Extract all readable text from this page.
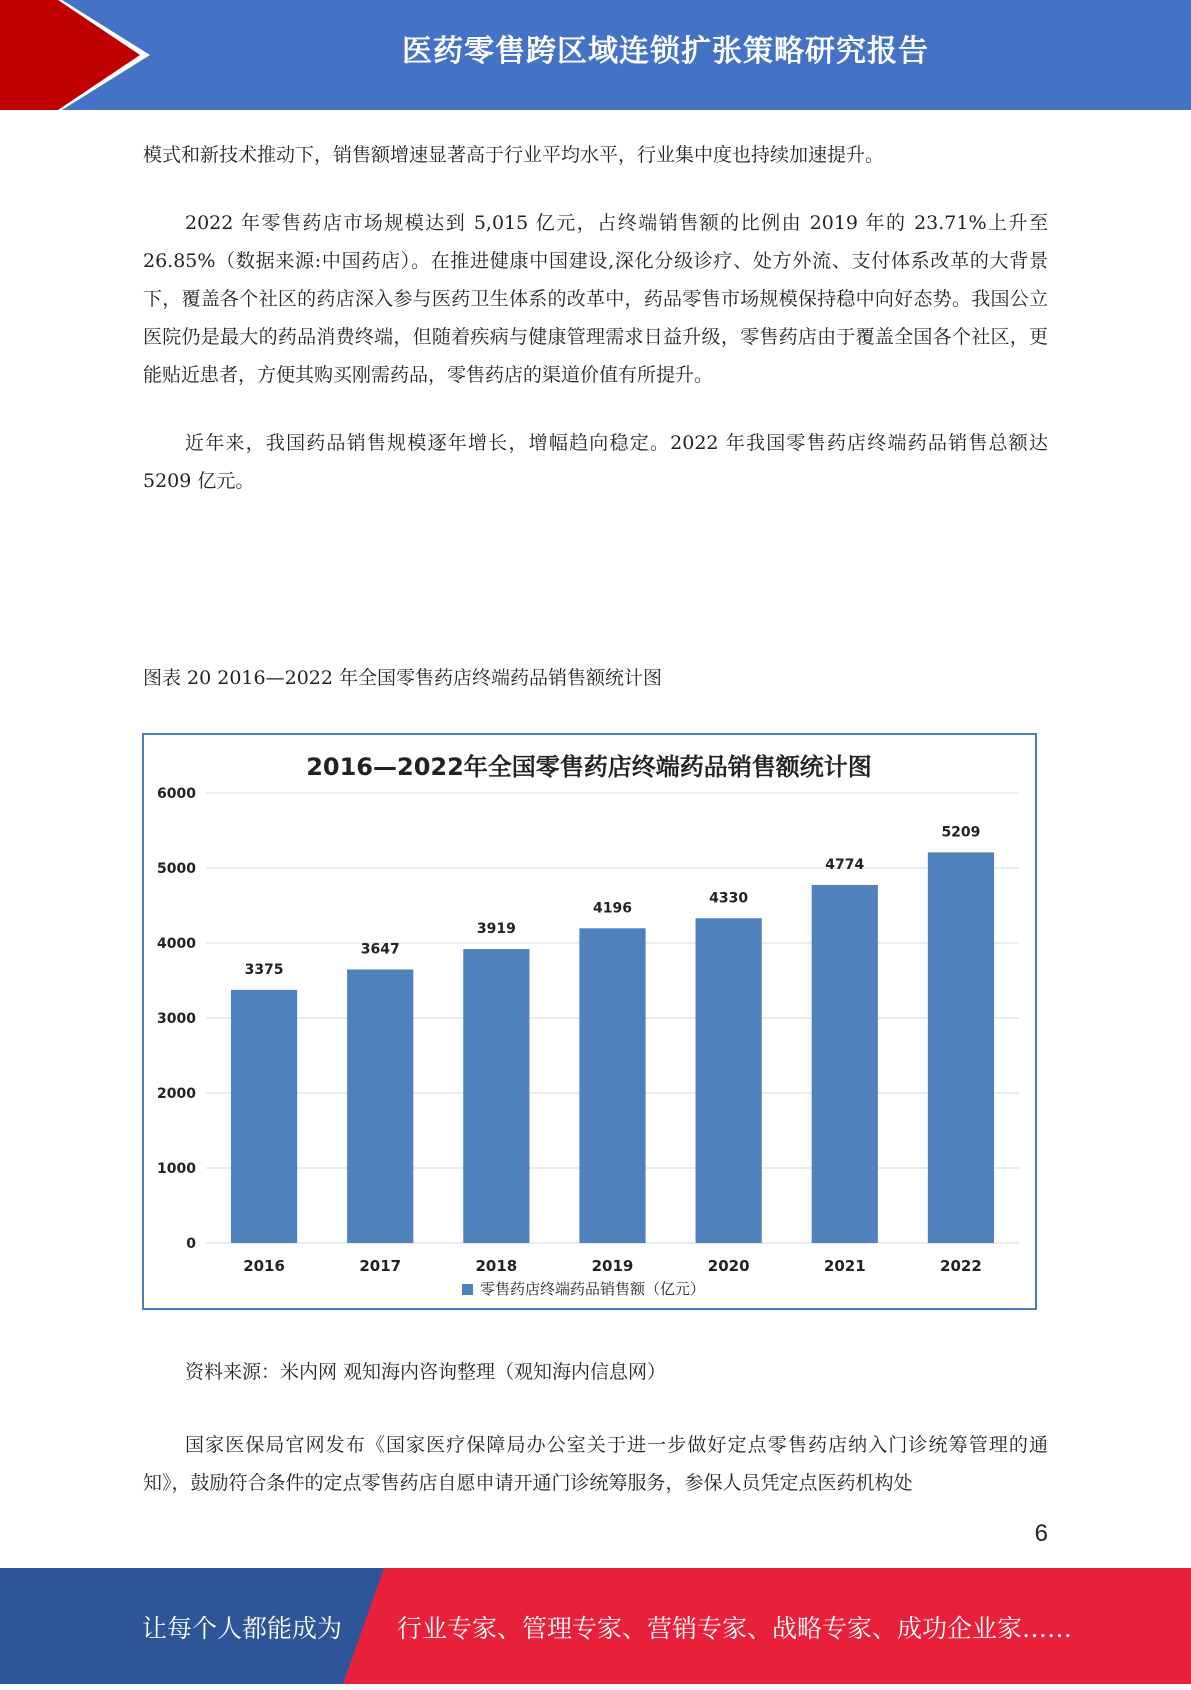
医药零售跨区域连锁扩张策略研究报告
模式和新技术推动下，销售额增速显著高于行业平均水平，行业集中度也持续加速提升。
2022 年零售药店市场规模达到 5,015 亿元，占终端销售额的比例由 2019 年的 23.71%上升至 26.85%（数据来源:中国药店）。在推进健康中国建设,深化分级诊疗、处方外流、支付体系改革的大背景下，覆盖各个社区的药店深入参与医药卫生体系的改革中，药品零售市场规模保持稳中向好态势。我国公立医院仍是最大的药品消费终端，但随着疾病与健康管理需求日益升级，零售药店由于覆盖全国各个社区，更能贴近患者，方便其购买刚需药品，零售药店的渠道价值有所提升。
近年来，我国药品销售规模逐年增长，增幅趋向稳定。2022 年我国零售药店终端药品销售总额达 5209 亿元。
图表 20 2016—2022 年全国零售药店终端药品销售额统计图
2016—2022年全国零售药店终端药品销售额统计图
0
1000
2000
3000
4000
5000
6000
3375
3647
3919
4196
4330
4774
5209
2016	2017	2018	2019	2020	2021	2022
零售药店终端药品销售额（亿元）
资料来源：米内网 观知海内咨询整理（观知海内信息网）
国家医保局官网发布《国家医疗保障局办公室关于进一步做好定点零售药店纳入门诊统筹管理的通知》，鼓励符合条件的定点零售药店自愿申请开通门诊统筹服务，参保人员凭定点医药机构处
6
让每个人都能成为 行业专家、管理专家、营销专家、战略专家、成功企业家……
